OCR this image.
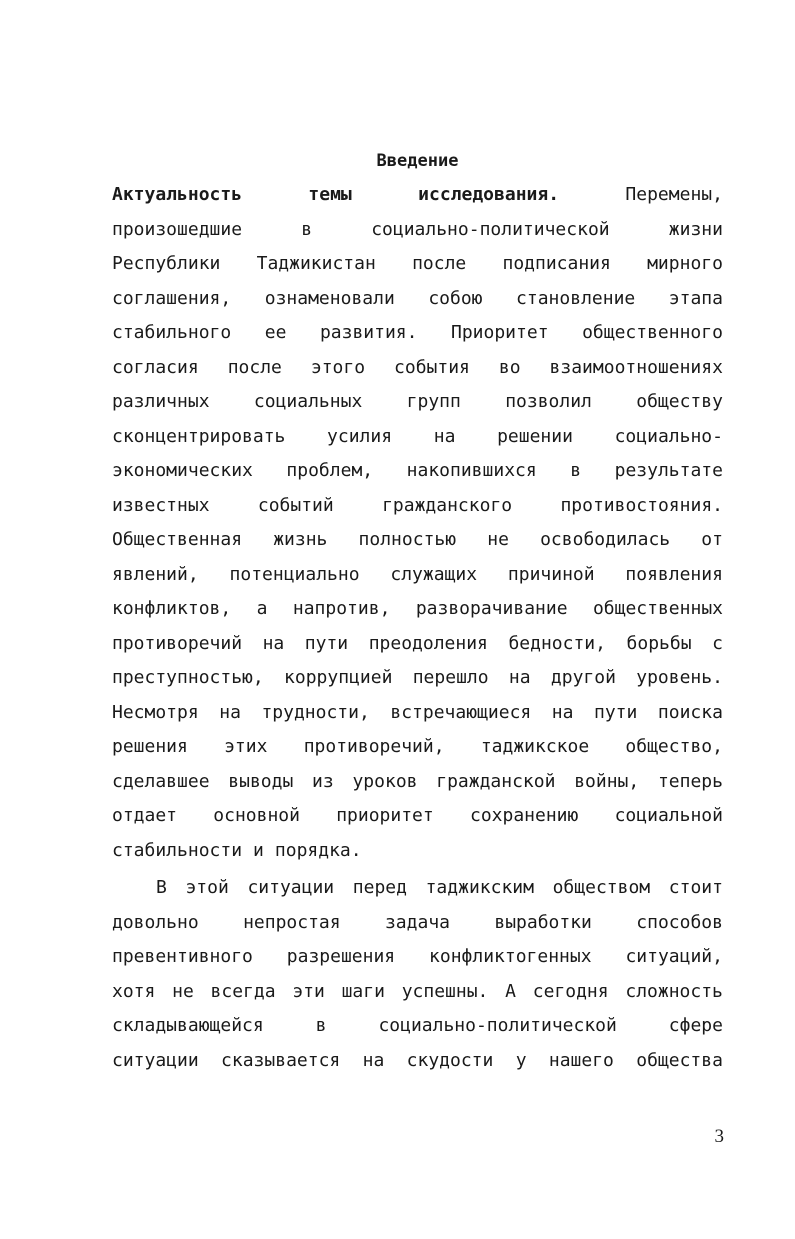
Введение
Актуальность	темы	исследования.	Перемены,
произошедшие	в	социально-политической	жизни
Республики Таджикистан после подписания мирного
соглашения, ознаменовали собою становление этапа
стабильного ее развития. Приоритет общественного
согласия после этого события во взаимоотношениях
различных социальных групп позволил обществу
сконцентрировать усилия на решении социально-
экономических проблем, накопившихся в результате
известных	событий	гражданского	противостояния.
Общественная жизнь полностью не освободилась от
явлений, потенциально служащих причиной появления
конфликтов, а напротив, разворачивание общественных
противоречий на пути преодоления бедности, борьбы с
преступностью, коррупцией перешло на другой уровень.
Несмотря на трудности, встречающиеся на пути поиска
решения этих противоречий, таджикское общество,
сделавшее выводы из уроков гражданской войны, теперь
отдает основной приоритет сохранению социальной
стабильности и порядка.
В этой ситуации перед таджикским обществом стоит
довольно непростая задача выработки способов
превентивного разрешения конфликтогенных ситуаций,
хотя не всегда эти шаги успешны. А сегодня сложность
складывающейся	в	социально-политической	сфере
ситуации сказывается на скудости у нашего общества
3
